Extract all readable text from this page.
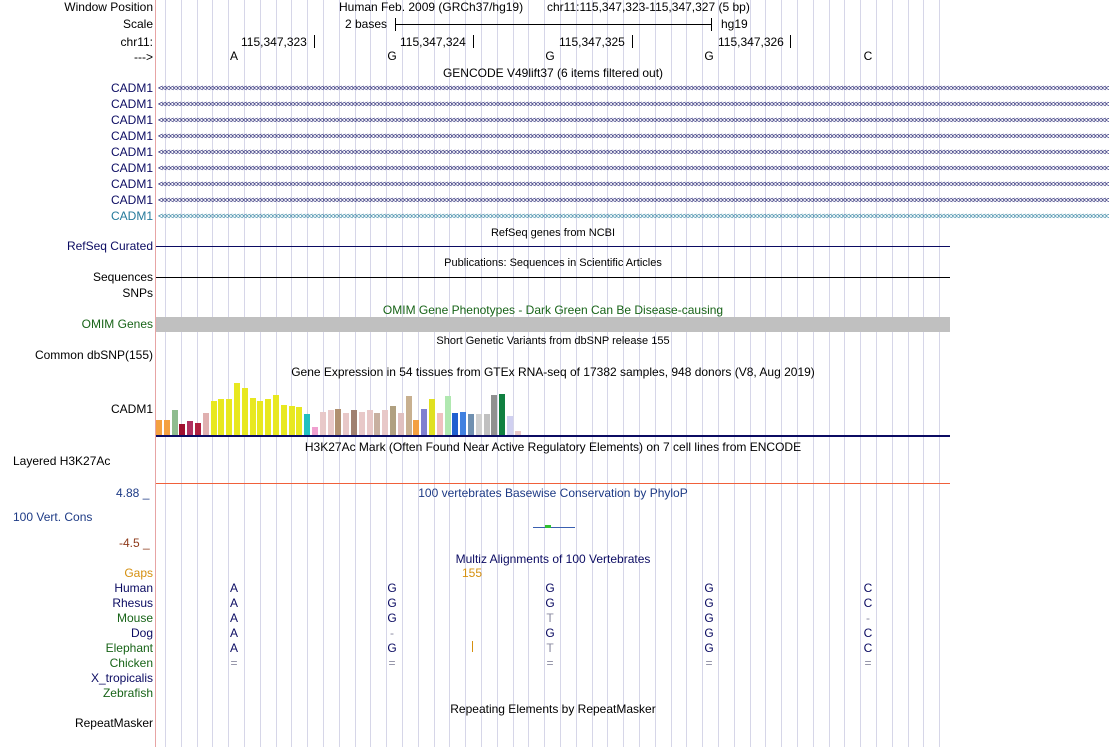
Window Position	Human Feb. 2009 (GRCh37/hg19) chr11:115,347,323-115,347,327 (5 bp)
Scale	2 bases	hg19
chr11:	115,347,323	115,347,324	115,347,325	115,347,326
--->	A	G	G	G	C
GENCODE V49lift37 (6 items filtered out)
CADM1 <<<<<<<<<<<<<<<<<<<<<<<<<<<<<<<<<<<<<<<<<<<<<<<<<<<<<<<<<<<<<<<<<<<<<<<<<<<<<<<<<<<<<<<<<<<<<<<<<<<<<<<<<<<<<<<<<<<<<<<<<<<<<<<<<<<<<<<<<<<<<<<<<<<<<<<<<<<<<<<<<<<<<<<<<<<<<<<<<<<<<<<<<<<<<<<<<<<<<<<<<<<<<<<<<<<<<<<<<<<<<<<<<<<<<<<<<<<<<<<<<<<<<<<<<<<<<<<<<<<<
CADM1 <<<<<<<<<<<<<<<<<<<<<<<<<<<<<<<<<<<<<<<<<<<<<<<<<<<<<<<<<<<<<<<<<<<<<<<<<<<<<<<<<<<<<<<<<<<<<<<<<<<<<<<<<<<<<<<<<<<<<<<<<<<<<<<<<<<<<<<<<<<<<<<<<<<<<<<<<<<<<<<<<<<<<<<<<<<<<<<<<<<<<<<<<<<<<<<<<<<<<<<<<<<<<<<<<<<<<<<<<<<<<<<<<<<<<<<<<<<<<<<<<<<<<<<<<<<<<<<<<<<<
CADM1 <<<<<<<<<<<<<<<<<<<<<<<<<<<<<<<<<<<<<<<<<<<<<<<<<<<<<<<<<<<<<<<<<<<<<<<<<<<<<<<<<<<<<<<<<<<<<<<<<<<<<<<<<<<<<<<<<<<<<<<<<<<<<<<<<<<<<<<<<<<<<<<<<<<<<<<<<<<<<<<<<<<<<<<<<<<<<<<<<<<<<<<<<<<<<<<<<<<<<<<<<<<<<<<<<<<<<<<<<<<<<<<<<<<<<<<<<<<<<<<<<<<<<<<<<<<<<<<<<<<<
CADM1 <<<<<<<<<<<<<<<<<<<<<<<<<<<<<<<<<<<<<<<<<<<<<<<<<<<<<<<<<<<<<<<<<<<<<<<<<<<<<<<<<<<<<<<<<<<<<<<<<<<<<<<<<<<<<<<<<<<<<<<<<<<<<<<<<<<<<<<<<<<<<<<<<<<<<<<<<<<<<<<<<<<<<<<<<<<<<<<<<<<<<<<<<<<<<<<<<<<<<<<<<<<<<<<<<<<<<<<<<<<<<<<<<<<<<<<<<<<<<<<<<<<<<<<<<<<<<<<<<<<<
CADM1 <<<<<<<<<<<<<<<<<<<<<<<<<<<<<<<<<<<<<<<<<<<<<<<<<<<<<<<<<<<<<<<<<<<<<<<<<<<<<<<<<<<<<<<<<<<<<<<<<<<<<<<<<<<<<<<<<<<<<<<<<<<<<<<<<<<<<<<<<<<<<<<<<<<<<<<<<<<<<<<<<<<<<<<<<<<<<<<<<<<<<<<<<<<<<<<<<<<<<<<<<<<<<<<<<<<<<<<<<<<<<<<<<<<<<<<<<<<<<<<<<<<<<<<<<<<<<<<<<<<<
CADM1 <<<<<<<<<<<<<<<<<<<<<<<<<<<<<<<<<<<<<<<<<<<<<<<<<<<<<<<<<<<<<<<<<<<<<<<<<<<<<<<<<<<<<<<<<<<<<<<<<<<<<<<<<<<<<<<<<<<<<<<<<<<<<<<<<<<<<<<<<<<<<<<<<<<<<<<<<<<<<<<<<<<<<<<<<<<<<<<<<<<<<<<<<<<<<<<<<<<<<<<<<<<<<<<<<<<<<<<<<<<<<<<<<<<<<<<<<<<<<<<<<<<<<<<<<<<<<<<<<<<<
CADM1 <<<<<<<<<<<<<<<<<<<<<<<<<<<<<<<<<<<<<<<<<<<<<<<<<<<<<<<<<<<<<<<<<<<<<<<<<<<<<<<<<<<<<<<<<<<<<<<<<<<<<<<<<<<<<<<<<<<<<<<<<<<<<<<<<<<<<<<<<<<<<<<<<<<<<<<<<<<<<<<<<<<<<<<<<<<<<<<<<<<<<<<<<<<<<<<<<<<<<<<<<<<<<<<<<<<<<<<<<<<<<<<<<<<<<<<<<<<<<<<<<<<<<<<<<<<<<<<<<<<<
CADM1 <<<<<<<<<<<<<<<<<<<<<<<<<<<<<<<<<<<<<<<<<<<<<<<<<<<<<<<<<<<<<<<<<<<<<<<<<<<<<<<<<<<<<<<<<<<<<<<<<<<<<<<<<<<<<<<<<<<<<<<<<<<<<<<<<<<<<<<<<<<<<<<<<<<<<<<<<<<<<<<<<<<<<<<<<<<<<<<<<<<<<<<<<<<<<<<<<<<<<<<<<<<<<<<<<<<<<<<<<<<<<<<<<<<<<<<<<<<<<<<<<<<<<<<<<<<<<<<<<<<<
CADM1 <<<<<<<<<<<<<<<<<<<<<<<<<<<<<<<<<<<<<<<<<<<<<<<<<<<<<<<<<<<<<<<<<<<<<<<<<<<<<<<<<<<<<<<<<<<<<<<<<<<<<<<<<<<<<<<<<<<<<<<<<<<<<<<<<<<<<<<<<<<<<<<<<<<<<<<<<<<<<<<<<<<<<<<<<<<<<<<<<<<<<<<<<<<<<<<<<<<<<<<<<<<<<<<<<<<<<<<<<<<<<<<<<<<<<<<<<<<<<<<<<<<<<<<<<<<<<<<<<<<<
RefSeq genes from NCBI
RefSeq Curated
Publications: Sequences in Scientific Articles
Sequences
SNPs
OMIM Gene Phenotypes - Dark Green Can Be Disease-causing
OMIM Genes
Short Genetic Variants from dbSNP release 155
Common dbSNP(155)
Gene Expression in 54 tissues from GTEx RNA-seq of 17382 samples, 948 donors (V8, Aug 2019)
CADM1
H3K27Ac Mark (Often Found Near Active Regulatory Elements) on 7 cell lines from ENCODE
Layered H3K27Ac
4.88 _	100 vertebrates Basewise Conservation by PhyloP
100 Vert. Cons
-4.5 _
Multiz Alignments of 100 Vertebrates
Gaps	155
Human	A	G	G	G	C
Rhesus	A	G	G	G	C
Mouse	A	G	T	G	-
Dog	A	-	G	G	C
Elephant	A	G	T	G	C
Chicken	=	=	=	=	=
X_tropicalis
Zebrafish
Repeating Elements by RepeatMasker
RepeatMasker
